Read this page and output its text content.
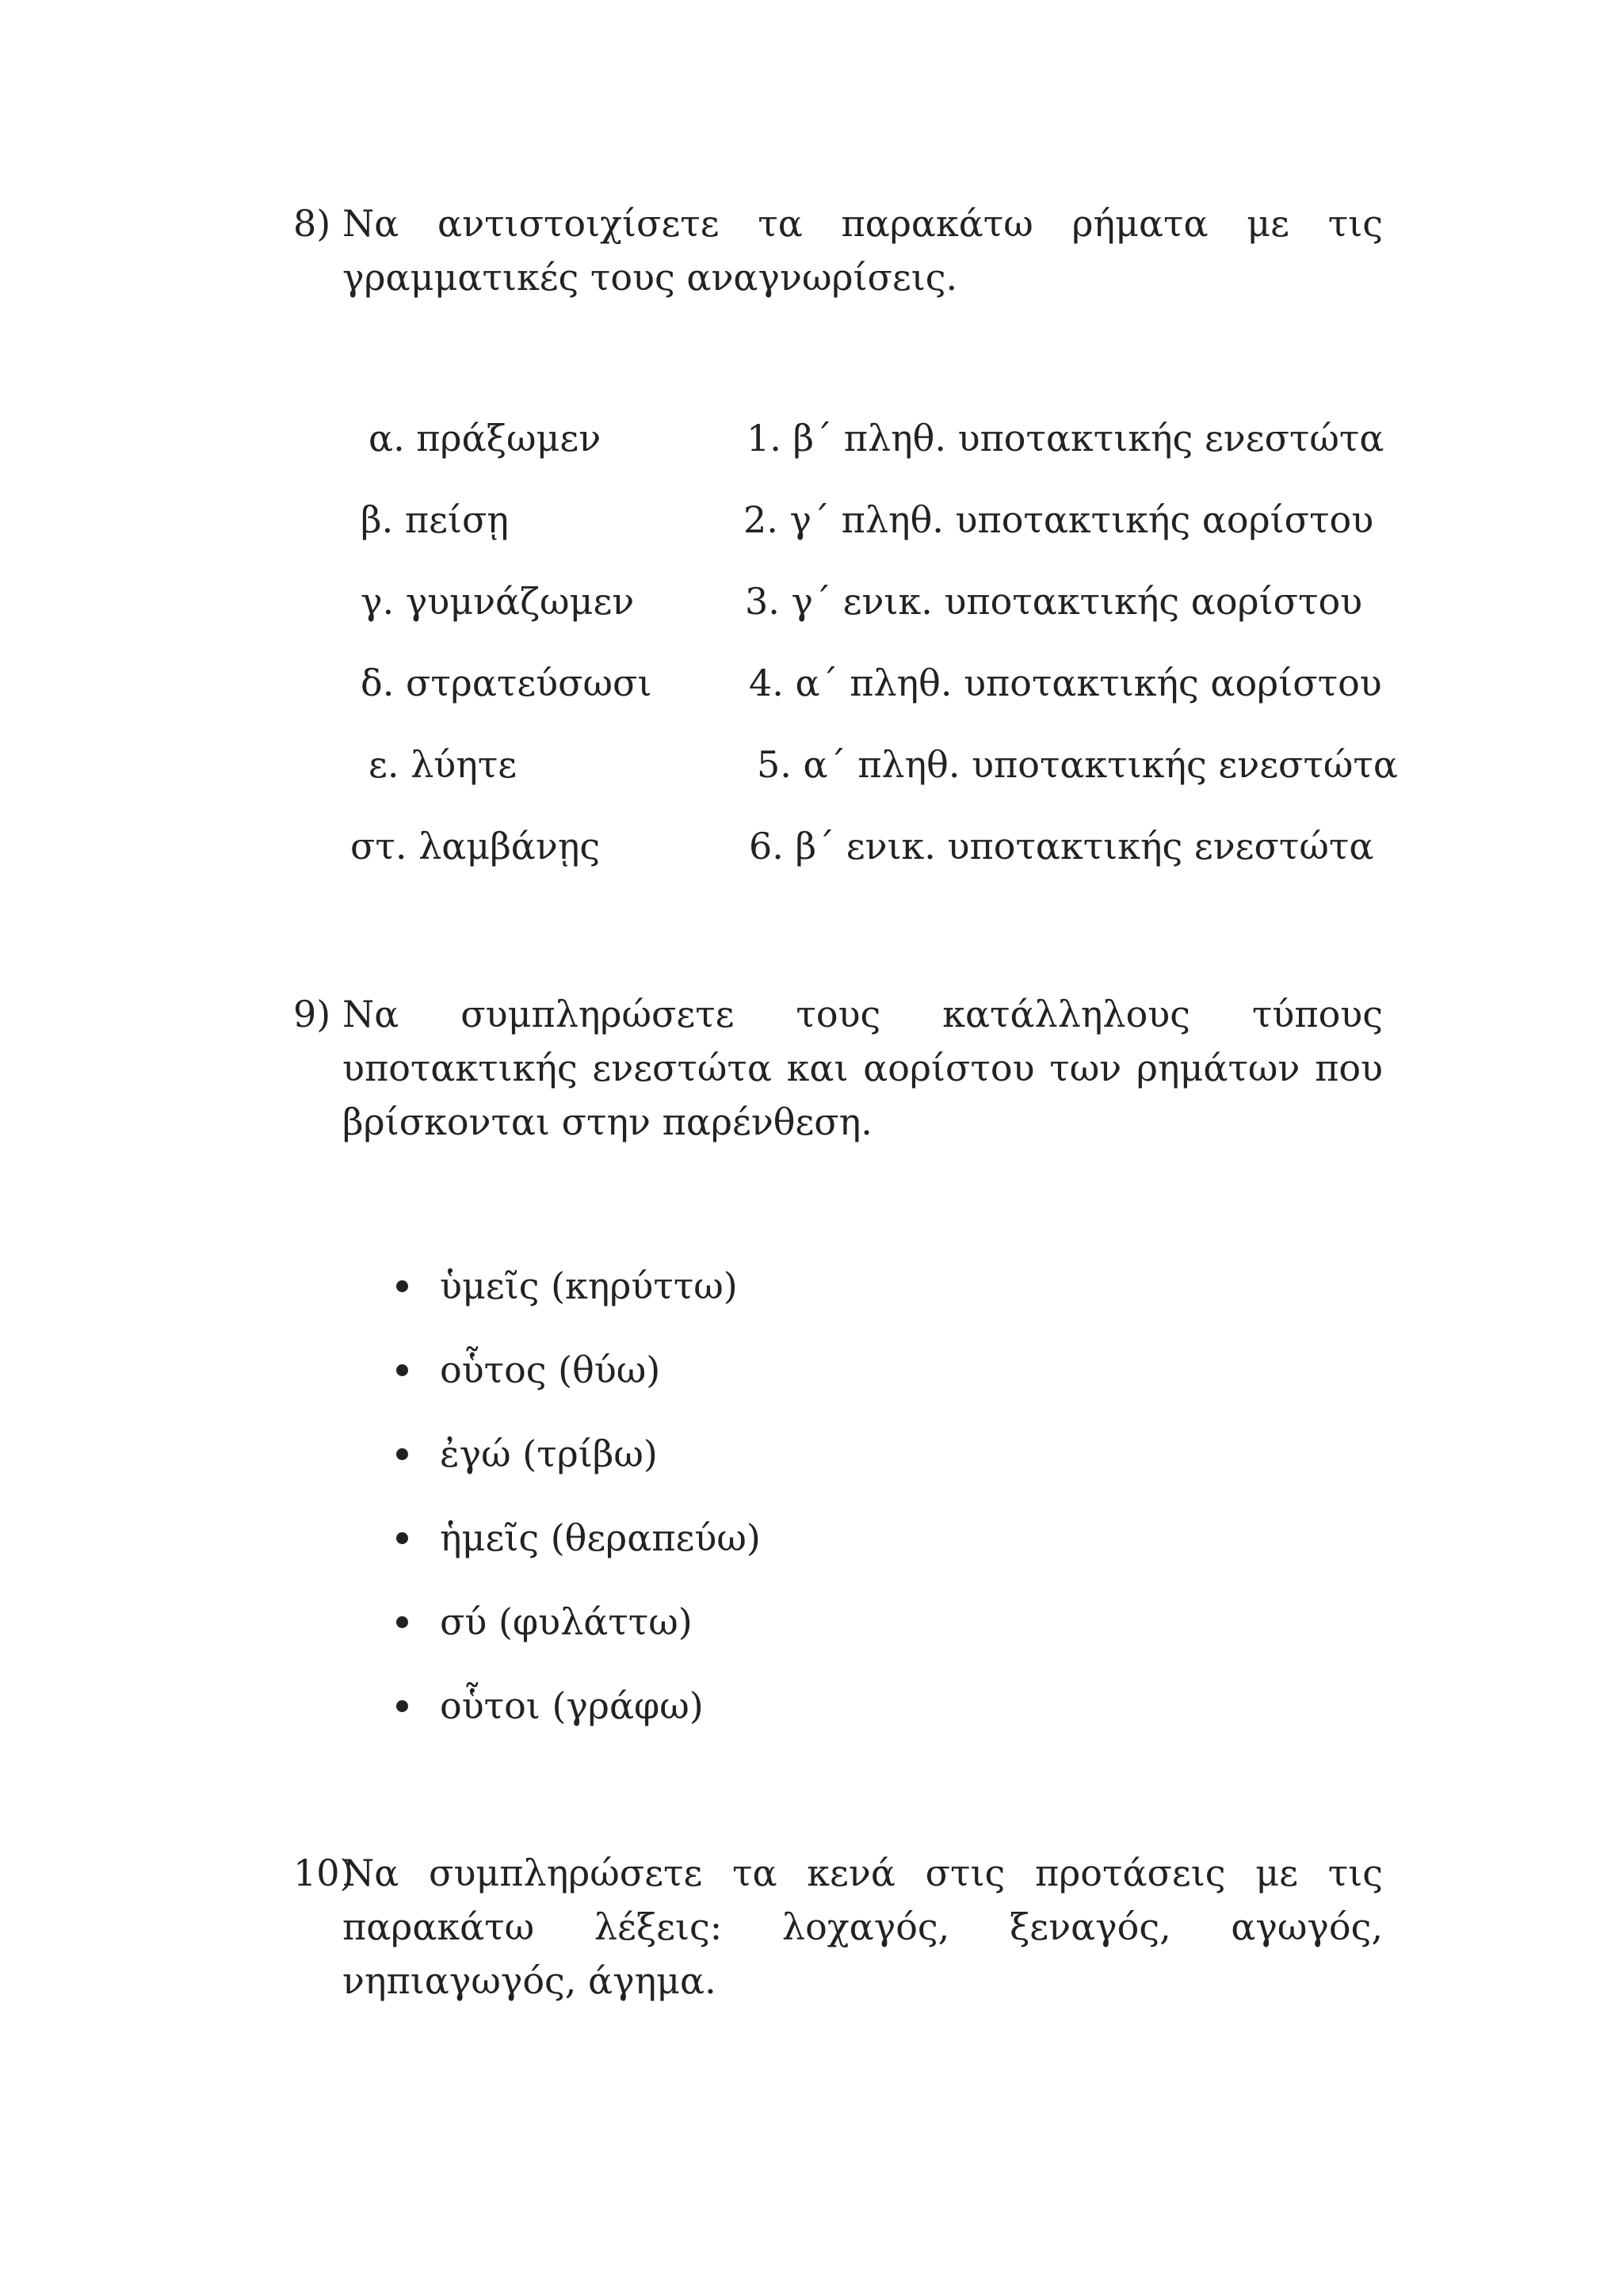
8) Να αντιστοιχίσετε τα παρακάτω ρήματα με τις γραμματικές τους αναγνωρίσεις.
α. πράξωμεν
β. πείσῃ
γ. γυμνάζωμεν
δ. στρατεύσωσι
ε. λύητε
στ. λαμβάνῃς
1. β΄ πληθ. υποτακτικής ενεστώτα
2. γ΄ πληθ. υποτακτικής αορίστου
3. γ΄ ενικ. υποτακτικής αορίστου
4. α΄ πληθ. υποτακτικής αορίστου
5. α΄ πληθ. υποτακτικής ενεστώτα
6. β΄ ενικ. υποτακτικής ενεστώτα
9) Να συμπληρώσετε τους κατάλληλους τύπους υποτακτικής ενεστώτα και αορίστου των ρημάτων που βρίσκονται στην παρένθεση.
ὑμεῖς (κηρύττω)
οὗτος (θύω)
ἐγώ (τρίβω)
ἡμεῖς (θεραπεύω)
σύ (φυλάττω)
οὗτοι (γράφω)
10)
Να συμπληρώσετε τα κενά στις προτάσεις με τις παρακάτω λέξεις: λοχαγός, ξεναγός, αγωγός, νηπιαγωγός, άγημα.
